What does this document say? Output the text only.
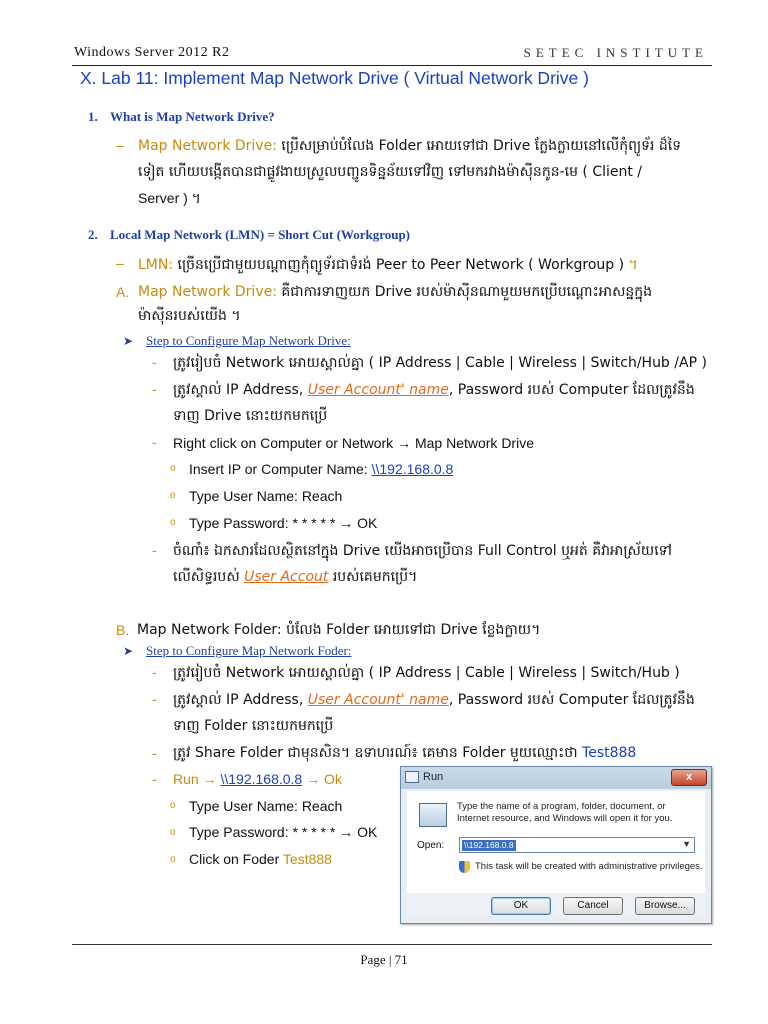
Windows Server 2012 R2	SETEC INSTITUTE
X. Lab 11: Implement Map Network Drive ( Virtual Network Drive )
1. What is Map Network Drive?
– Map Network Drive: ប្រើសម្រាប់បំលែង Folder អោយទៅជា Drive ក្លែងក្លាយនៅលើកុំព្យូទ័រ ដ៏ទៃ
ទៀត ហើយបង្កើតបានជាផ្លូវងាយស្រួលបញ្ជូនទិន្នន័យទៅវិញ ទៅមករវាងម៉ាស៊ីនកូន-មេ ( Client /
Server ) ។
2. Local Map Network (LMN) = Short Cut (Workgroup)
– LMN: ច្រើនប្រើជាមួយបណ្តាញកុំព្យូទ័រជាទំរង់ Peer to Peer Network ( Workgroup ) ។
A. Map Network Drive: គឺជាការទាញយក Drive របស់ម៉ាស៊ីនណាមួយមកប្រើបណ្តោះអាសន្នក្នុង
ម៉ាស៊ីនរបស់យើង ។
➤ Step to Configure Map Network Drive:
- ត្រូវរៀបចំ Network អោយស្គាល់គ្នា ( IP Address | Cable | Wireless | Switch/Hub /AP )
- ត្រូវស្គាល់ IP Address, User Account' name, Password របស់ Computer ដែលត្រូវនឹង
ទាញ Drive នោះយកមកប្រើ
- Right click on Computer or Network → Map Network Drive
o Insert IP or Computer Name: \\192.168.0.8
o Type User Name: Reach
o Type Password: * * * * * → OK
- ចំណាំ៖ ឯកសារដែលស្ថិតនៅក្នុង Drive យើងអាចប្រើបាន Full Control ឬអត់ គឺវាអាស្រ័យទៅ
លើសិទ្ធរបស់ User Accout របស់គេមកប្រើ។
B. Map Network Folder: បំលែង Folder អោយទៅជា Drive ខ្លែងក្លាយ។
➤ Step to Configure Map Network Foder:
- ត្រូវរៀបចំ Network អោយស្គាល់គ្នា ( IP Address | Cable | Wireless | Switch/Hub )
- ត្រូវស្គាល់ IP Address, User Account' name, Password របស់ Computer ដែលត្រូវនឹង
ទាញ Folder នោះយកមកប្រើ
- ត្រូវ Share Folder ជាមុនសិន។ ឧទាហរណ៍៖ គេមាន Folder មួយឈ្មោះថា Test888
- Run → \\192.168.0.8 → Ok
o Type User Name: Reach
o Type Password: * * * * * → OK
o Click on Foder Test888
Run	x
Type the name of a program, folder, document, or Internet resource, and Windows will open it for you.
Open: \\192.168.0.8	▼
This task will be created with administrative privileges.
OK	Cancel	Browse...
Page | 71
